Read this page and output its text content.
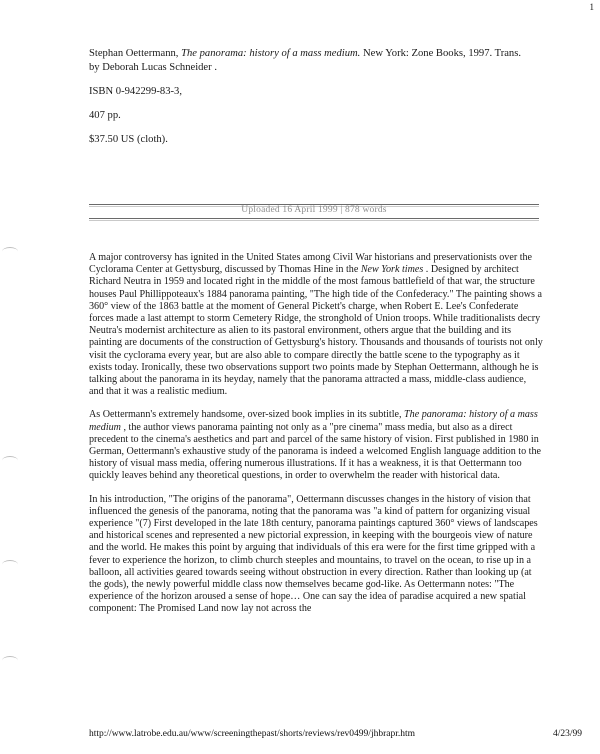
1

Stephan Oettermann, The panorama: history of a mass medium. New York: Zone Books, 1997. Trans. by Deborah Lucas Schneider .

ISBN 0-942299-83-3,

407 pp.

$37.50 US (cloth).

Uploaded 16 April 1999 | 878 words

A major controversy has ignited in the United States among Civil War historians and preservationists over the Cyclorama Center at Gettysburg, discussed by Thomas Hine in the New York times . Designed by architect Richard Neutra in 1959 and located right in the middle of the most famous battlefield of that war, the structure houses Paul Phillippoteaux's 1884 panorama painting, "The high tide of the Confederacy." The painting shows a 360° view of the 1863 battle at the moment of General Pickett's charge, when Robert E. Lee's Confederate forces made a last attempt to storm Cemetery Ridge, the stronghold of Union troops. While traditionalists decry Neutra's modernist architecture as alien to its pastoral environment, others argue that the building and its painting are documents of the construction of Gettysburg's history. Thousands and thousands of tourists not only visit the cyclorama every year, but are also able to compare directly the battle scene to the typography as it exists today. Ironically, these two observations support two points made by Stephan Oettermann, although he is talking about the panorama in its heyday, namely that the panorama attracted a mass, middle-class audience, and that it was a realistic medium.

As Oettermann's extremely handsome, over-sized book implies in its subtitle, The panorama: history of a mass medium , the author views panorama painting not only as a "pre cinema" mass media, but also as a direct precedent to the cinema's aesthetics and part and parcel of the same history of vision. First published in 1980 in German, Oettermann's exhaustive study of the panorama is indeed a welcomed English language addition to the history of visual mass media, offering numerous illustrations. If it has a weakness, it is that Oettermann too quickly leaves behind any theoretical questions, in order to overwhelm the reader with historical data.

In his introduction, "The origins of the panorama", Oettermann discusses changes in the history of vision that influenced the genesis of the panorama, noting that the panorama was "a kind of pattern for organizing visual experience "(7) First developed in the late 18th century, panorama paintings captured 360° views of landscapes and historical scenes and represented a new pictorial expression, in keeping with the bourgeois view of nature and the world. He makes this point by arguing that individuals of this era were for the first time gripped with a fever to experience the horizon, to climb church steeples and mountains, to travel on the ocean, to rise up in a balloon, all activities geared towards seeing without obstruction in every direction. Rather than looking up (at the gods), the newly powerful middle class now themselves became god-like. As Oettermann notes: "The experience of the horizon aroused a sense of hope… One can say the idea of paradise acquired a new spatial component: The Promised Land now lay not across the

http://www.latrobe.edu.au/www/screeningthepast/shorts/reviews/rev0499/jhbrapr.htm	4/23/99
